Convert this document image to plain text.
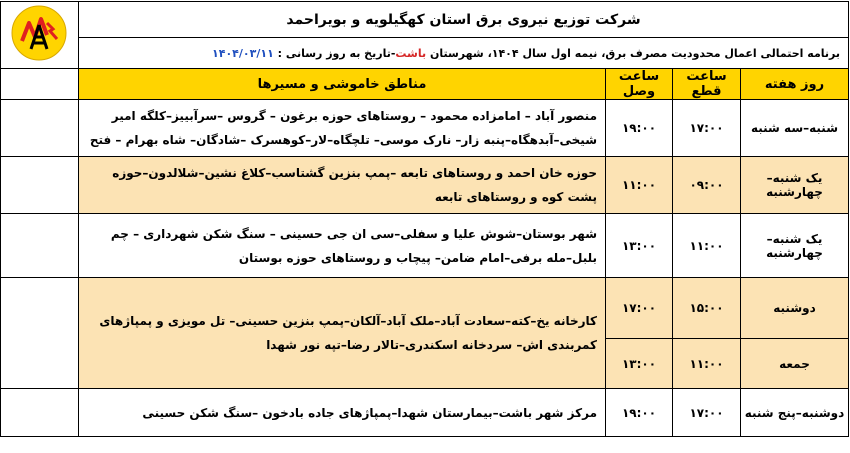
شرکت توزیع نیروی برق استان کهگیلویه و بویراحمد	
برنامه احتمالی اعمال محدودیت مصرف برق، نیمه اول سال ۱۴۰۴، شهرستان باشت-تاریخ به روز رسانی : ۱۴۰۴/۰۳/۱۱				
روز هفته	ساعت قطع	ساعت وصل	مناطق خاموشی و مسیرها	
شنبه–سه شنبه	۱۷:۰۰	۱۹:۰۰	منصور آباد – امامزاده محمود – روستاهای حوزه برغون – گروس –سرآبییز–کلگه امیر شیخی–آبدهگاه–پنبه زار– نارک موسی– تلچگاه–لار–کوهسرک –شادگان– شاه بهرام – فتح	
یک شنبه–چهارشنبه	۰۹:۰۰	۱۱:۰۰	حوزه خان احمد و روستاهای تابعه –پمپ بنزین گشتاسب–کلاغ نشین–شلالدون–حوزه پشت کوه و روستاهای تابعه	
یک شنبه–چهارشنبه	۱۱:۰۰	۱۳:۰۰	شهر بوستان–شوش علیا و سفلی–سی ان جی حسینی – سنگ شکن شهرداری – چم بلبل–مله برفی–امام ضامن– پیچاب و روستاهای حوزه بوستان	
دوشنبه	۱۵:۰۰	۱۷:۰۰	کارخانه یخ–کته–سعادت آباد–ملک آباد–آلکان–پمپ بنزین حسینی– تل مویزی و پمپاژهای کمربندی اش– سردخانه اسکندری–تالار رضا–تپه نور شهدا	
جمعه	۱۱:۰۰	۱۳:۰۰		
دوشنبه–پنج شنبه	۱۷:۰۰	۱۹:۰۰	مرکز شهر باشت–بیمارستان شهدا–پمپاژهای جاده بادخون –سنگ شکن حسینی	
